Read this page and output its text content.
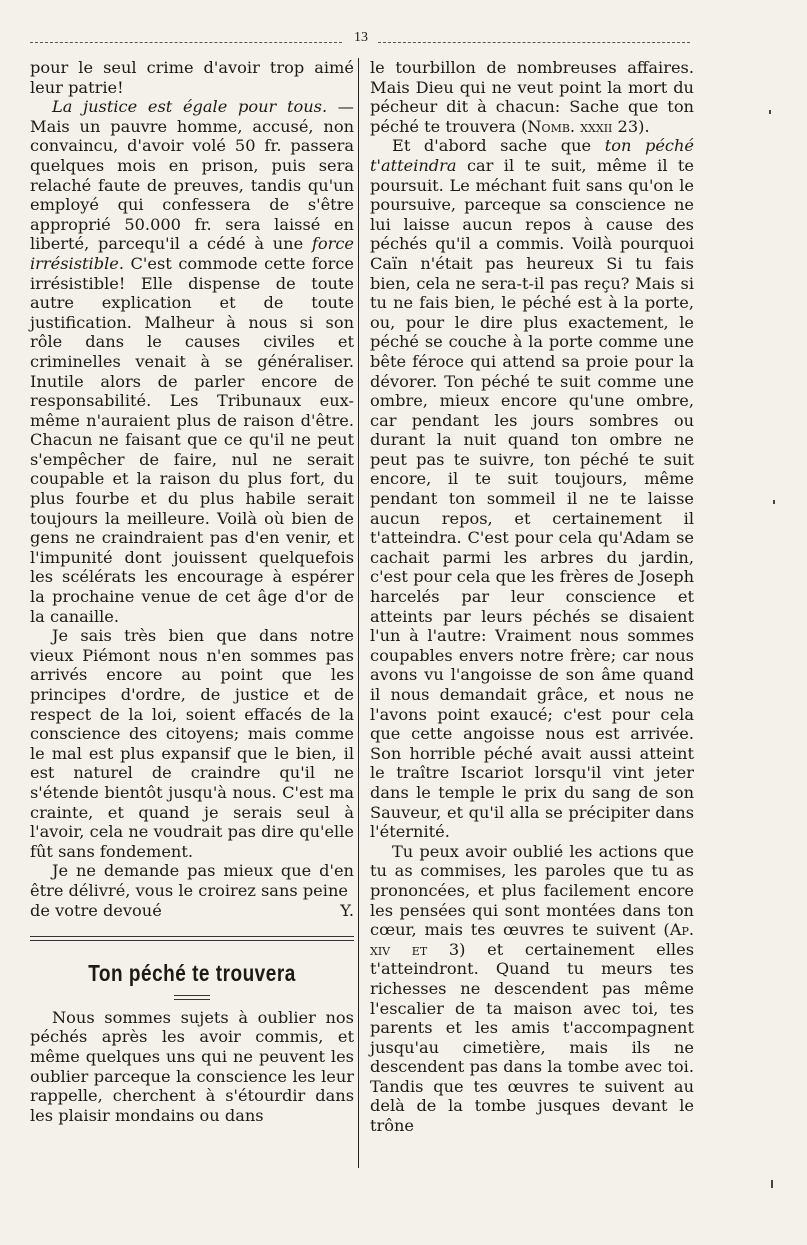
13

pour le seul crime d'avoir trop aimé leur patrie!

La justice est égale pour tous. — Mais un pauvre homme, accusé, non convaincu, d'avoir volé 50 fr. passera quelques mois en prison, puis sera relaché faute de preuves, tandis qu'un employé qui confessera de s'être approprié 50.000 fr. sera laissé en liberté, parcequ'il a cédé à une force irrésistible. C'est commode cette force irrésistible! Elle dispense de toute autre explication et de toute justification. Malheur à nous si son rôle dans le causes civiles et criminelles venait à se généraliser. Inutile alors de parler encore de responsabilité. Les Tribunaux eux-même n'auraient plus de raison d'être. Chacun ne faisant que ce qu'il ne peut s'empêcher de faire, nul ne serait coupable et la raison du plus fort, du plus fourbe et du plus habile serait toujours la meilleure. Voilà où bien de gens ne craindraient pas d'en venir, et l'impunité dont jouissent quelquefois les scélérats les encourage à espérer la prochaine venue de cet âge d'or de la canaille.

Je sais très bien que dans notre vieux Piémont nous n'en sommes pas arrivés encore au point que les principes d'ordre, de justice et de respect de la loi, soient effacés de la conscience des citoyens; mais comme le mal est plus expansif que le bien, il est naturel de craindre qu'il ne s'étende bientôt jusqu'à nous. C'est ma crainte, et quand je serais seul à l'avoir, cela ne voudrait pas dire qu'elle fût sans fondement.

Je ne demande pas mieux que d'en être délivré, vous le croirez sans peine

de votre devoué	Y.
Ton péché te trouvera

Nous sommes sujets à oublier nos péchés après les avoir commis, et même quelques uns qui ne peuvent les oublier parceque la conscience les leur rappelle, cherchent à s'étourdir dans les plaisir mondains ou dans

le tourbillon de nombreuses affaires. Mais Dieu qui ne veut point la mort du pécheur dit à chacun: Sache que ton péché te trouvera (Nomb. xxxii 23).

Et d'abord sache que ton péché t'atteindra car il te suit, même il te poursuit. Le méchant fuit sans qu'on le poursuive, parceque sa conscience ne lui laisse aucun repos à cause des péchés qu'il a commis. Voilà pourquoi Caïn n'était pas heureux Si tu fais bien, cela ne sera-t-il pas reçu? Mais si tu ne fais bien, le péché est à la porte, ou, pour le dire plus exactement, le péché se couche à la porte comme une bête féroce qui attend sa proie pour la dévorer. Ton péché te suit comme une ombre, mieux encore qu'une ombre, car pendant les jours sombres ou durant la nuit quand ton ombre ne peut pas te suivre, ton péché te suit encore, il te suit toujours, même pendant ton sommeil il ne te laisse aucun repos, et certainement il t'atteindra. C'est pour cela qu'Adam se cachait parmi les arbres du jardin, c'est pour cela que les frères de Joseph harcelés par leur conscience et atteints par leurs péchés se disaient l'un à l'autre: Vraiment nous sommes coupables envers notre frère; car nous avons vu l'angoisse de son âme quand il nous demandait grâce, et nous ne l'avons point exaucé; c'est pour cela que cette angoisse nous est arrivée. Son horrible péché avait aussi atteint le traître Iscariot lorsqu'il vint jeter dans le temple le prix du sang de son Sauveur, et qu'il alla se précipiter dans l'éternité.

Tu peux avoir oublié les actions que tu as commises, les paroles que tu as prononcées, et plus facilement encore les pensées qui sont montées dans ton cœur, mais tes œuvres te suivent (Ap. xiv et 3) et certainement elles t'atteindront. Quand tu meurs tes richesses ne descendent pas même l'escalier de ta maison avec toi, tes parents et les amis t'accompagnent jusqu'au cimetière, mais ils ne descendent pas dans la tombe avec toi. Tandis que tes œuvres te suivent au delà de la tombe jusques devant le trône
